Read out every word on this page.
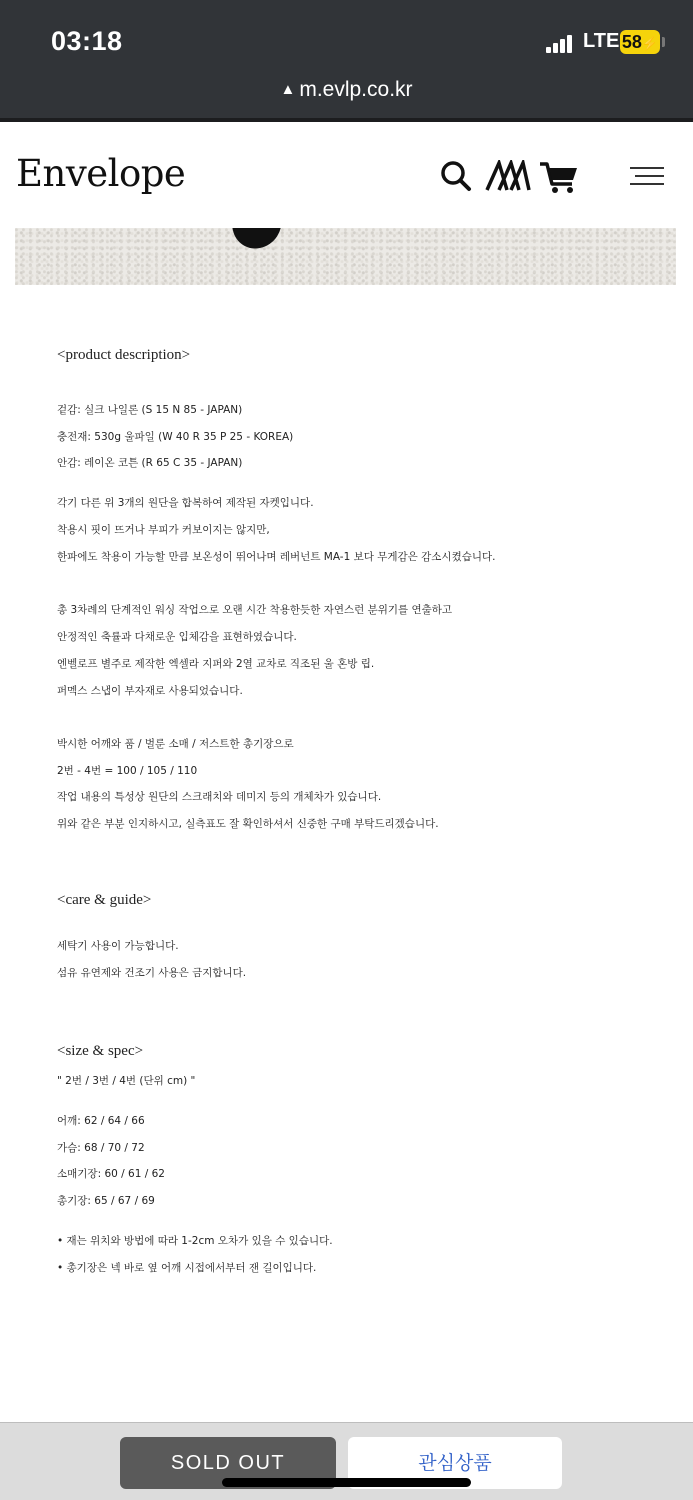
03:18	LTE 58⚡
▲ m.evlp.co.kr
Envelope
<product description>
겉감: 실크 나일론 (S 15 N 85 - JAPAN)
충전재: 530g 울파일 (W 40 R 35 P 25 - KOREA)
안감: 레이온 코튼 (R 65 C 35 - JAPAN)
각기 다른 위 3개의 원단을 합복하여 제작된 자켓입니다.
착용시 핏이 뜨거나 부피가 커보이지는 않지만,
한파에도 착용이 가능할 만큼 보온성이 뛰어나며 레버넌트 MA-1 보다 무게감은 감소시켰습니다.
총 3차례의 단계적인 워싱 작업으로 오랜 시간 착용한듯한 자연스런 분위기를 연출하고
안정적인 축률과 다채로운 입체감을 표현하였습니다.
엔벨로프 별주로 제작한 엑셀라 지퍼와 2열 교차로 직조된 울 혼방 립.
퍼멕스 스냅이 부자재로 사용되었습니다.
박시한 어깨와 품 / 벌룬 소매 / 저스트한 총기장으로
2번 - 4번 = 100 / 105 / 110
작업 내용의 특성상 원단의 스크래치와 데미지 등의 개체차가 있습니다.
위와 같은 부분 인지하시고, 실측표도 잘 확인하셔서 신중한 구매 부탁드리겠습니다.
<care & guide>
세탁기 사용이 가능합니다.
섬유 유연제와 건조기 사용은 금지합니다.
<size & spec>
" 2번 / 3번 / 4번 (단위 cm) "
어깨: 62 / 64 / 66
가슴: 68 / 70 / 72
소매기장: 60 / 61 / 62
총기장: 65 / 67 / 69
• 재는 위치와 방법에 따라 1-2cm 오차가 있을 수 있습니다.
• 총기장은 넥 바로 옆 어깨 시접에서부터 잰 길이입니다.
SOLD OUT	관심상품
